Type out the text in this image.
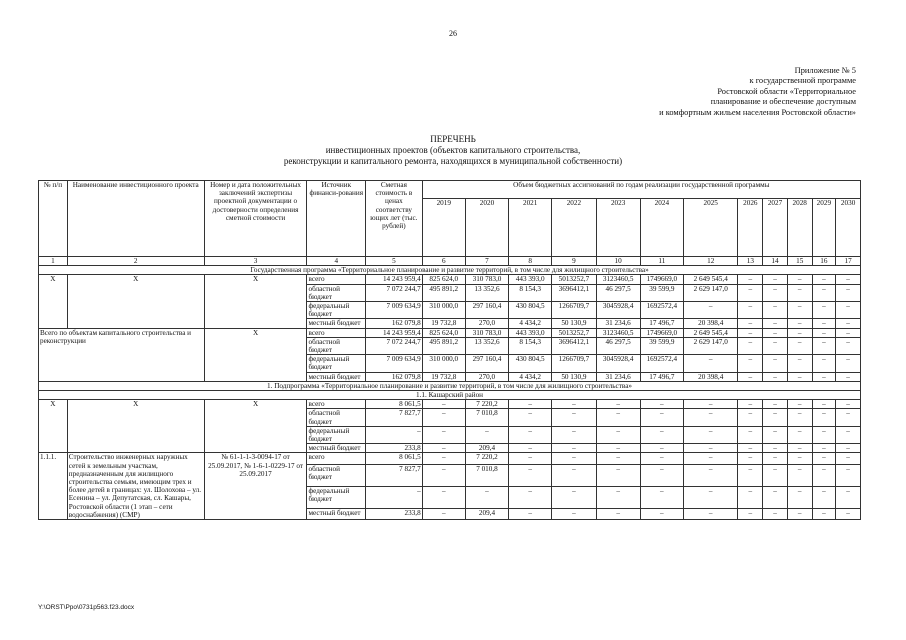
26
Приложение № 5
к государственной программе
Ростовской области «Территориальное
планирование и обеспечение доступным
и комфортным жильем населения Ростовской области»
ПЕРЕЧЕНЬ
инвестиционных проектов (объектов капитального строительства,
реконструкции и капитального ремонта, находящихся в муниципальной собственности)
№ п/п	Наименование инвестиционного проекта	Номер и дата положительных заключений экспертизы проектной документации о достоверности определения сметной стоимости	Источник финанси-рования	Сметная стоимость в ценах соответству ющих лет (тыс. рублей)	Объем бюджетных ассигнований по годам реализации государственной программы											
					2019	2020	2021	2022	2023	2024	2025	2026	2027	2028	2029	2030
1	2	3	4	5	6	7	8	9	10	11	12	13	14	15	16	17
Государственная программа «Территориальное планирование и развитие территорий, в том числе для жилищного строительства»																
Х	Х	Х	всего	14 243 959,4	825 624,0	310 783,0	443 393,0	5013252,7	3123460,5	1749669,0	2 649 545,4	–	–	–	–	–
			областной бюджет	7 072 244,7	495 891,2	13 352,6	8 154,3	3696412,1	46 297,5	39 599,9	2 629 147,0	–	–	–	–	–
			федеральный бюджет	7 009 634,9	310 000,0	297 160,4	430 804,5	1266709,7	3045928,4	1692572,4	–	–	–	–	–	–
			местный бюджет	162 079,8	19 732,8	270,0	4 434,2	50 130,9	31 234,6	17 496,7	20 398,4	–	–	–	–	–
Всего по объектам капитального строительства и реконструкции		Х	всего	14 243 959,4	825 624,0	310 783,0	443 393,0	5013252,7	3123460,5	1749669,0	2 649 545,4	–	–	–	–	–
			областной бюджет	7 072 244,7	495 891,2	13 352,6	8 154,3	3696412,1	46 297,5	39 599,9	2 629 147,0	–	–	–	–	–
			федеральный бюджет	7 009 634,9	310 000,0	297 160,4	430 804,5	1266709,7	3045928,4	1692572,4	–	–	–	–	–	–
			местный бюджет	162 079,8	19 732,8	270,0	4 434,2	50 130,9	31 234,6	17 496,7	20 398,4	–	–	–	–	–
1. Подпрограмма «Территориальное планирование и развитие территорий, в том числе для жилищного строительства»																
1.1. Кашарский район																
Х	Х	Х	всего	8 061,5	–	7 220,2	–	–	–	–	–	–	–	–	–	–
			областной бюджет	7 827,7	–	7 010,8	–	–	–	–	–	–	–	–	–	–
			федеральный бюджет	–	–	–	–	–	–	–	–	–	–	–	–	–
			местный бюджет	233,8	–	209,4	–	–	–	–	–	–	–	–	–	–
1.1.1.	Строительство инженерных наружных сетей к земельным участкам, предназначенным для жилищного строительства семьям, имеющим трех и более детей в границах: ул. Шолохова – ул. Есенина – ул. Депутатская, сл. Кашары, Ростовской области (1 этап – сети водоснабжения) (СМР)	№ 61-1-1-3-0094-17 от 25.09.2017, № 1-6-1-0229-17 от 25.09.2017	всего	8 061,5	–	7 220,2	–	–	–	–	–	–	–	–	–	–
			областной бюджет	7 827,7	–	7 010,8	–	–	–	–	–	–	–	–	–	–
			федеральный бюджет	–	–	–	–	–	–	–	–	–	–	–	–	–
			местный бюджет	233,8	–	209,4	–	–	–	–	–	–	–	–	–	–
Y:\ORST\Ppo\0731p563.f23.docx
